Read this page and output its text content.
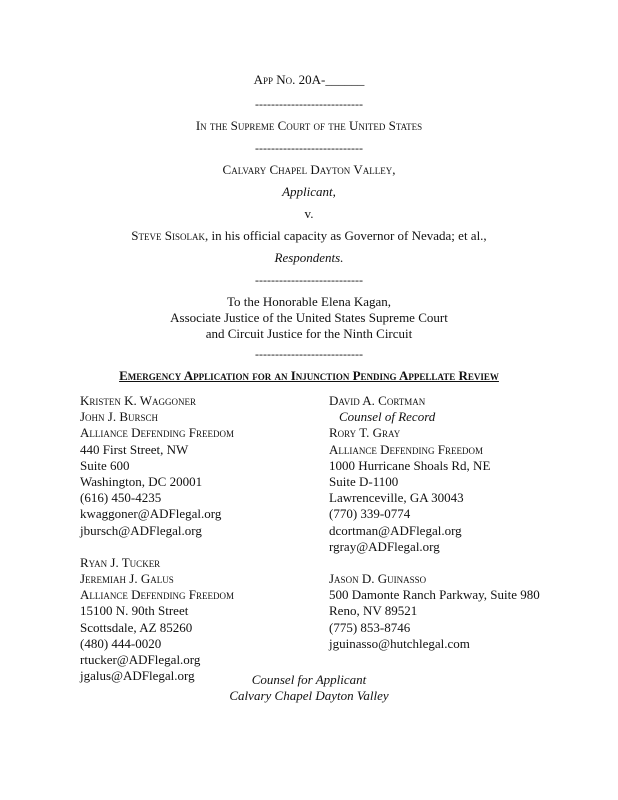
App No. 20A-______
---------------------------
In the Supreme Court of the United States
---------------------------
Calvary Chapel Dayton Valley,
Applicant,
v.
Steve Sisolak, in his official capacity as Governor of Nevada; et al.,
Respondents.
---------------------------
To the Honorable Elena Kagan,
Associate Justice of the United States Supreme Court
and Circuit Justice for the Ninth Circuit
---------------------------
Emergency Application for an Injunction Pending Appellate Review
Kristen K. Waggoner
John J. Bursch
Alliance Defending Freedom
440 First Street, NW
Suite 600
Washington, DC 20001
(616) 450-4235
kwaggoner@ADFlegal.org
jbursch@ADFlegal.org
Ryan J. Tucker
Jeremiah J. Galus
Alliance Defending Freedom
15100 N. 90th Street
Scottsdale, AZ 85260
(480) 444-0020
rtucker@ADFlegal.org
jgalus@ADFlegal.org
David A. Cortman
Counsel of Record
Rory T. Gray
Alliance Defending Freedom
1000 Hurricane Shoals Rd, NE
Suite D-1100
Lawrenceville, GA 30043
(770) 339-0774
dcortman@ADFlegal.org
rgray@ADFlegal.org
Jason D. Guinasso
500 Damonte Ranch Parkway, Suite 980
Reno, NV 89521
(775) 853-8746
jguinasso@hutchlegal.com
Counsel for Applicant
Calvary Chapel Dayton Valley
